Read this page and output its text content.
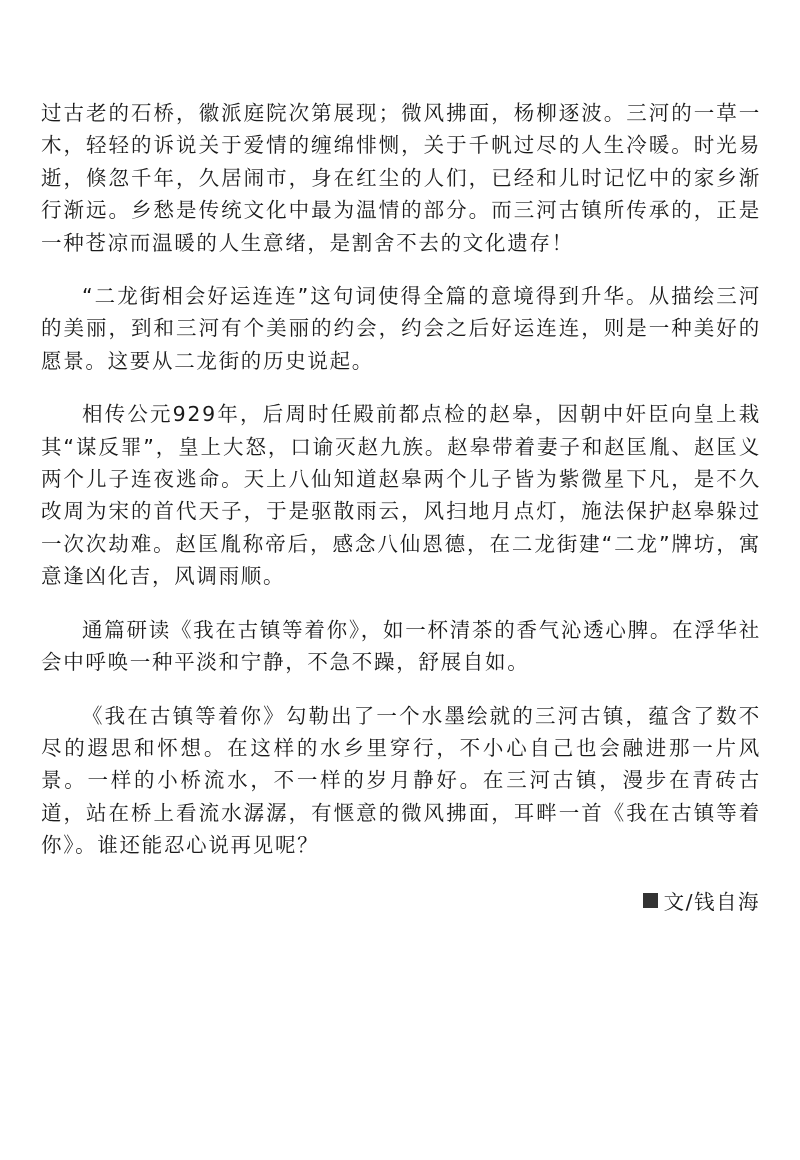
过古老的石桥，徽派庭院次第展现；微风拂面，杨柳逐波。三河的一草一木，轻轻的诉说关于爱情的缠绵悱恻，关于千帆过尽的人生冷暖。时光易逝，倏忽千年，久居闹市，身在红尘的人们，已经和儿时记忆中的家乡渐行渐远。乡愁是传统文化中最为温情的部分。而三河古镇所传承的，正是一种苍凉而温暖的人生意绪，是割舍不去的文化遗存！

“二龙街相会好运连连”这句词使得全篇的意境得到升华。从描绘三河的美丽，到和三河有个美丽的约会，约会之后好运连连，则是一种美好的愿景。这要从二龙街的历史说起。

相传公元929年，后周时任殿前都点检的赵皋，因朝中奸臣向皇上栽其“谋反罪”，皇上大怒，口谕灭赵九族。赵皋带着妻子和赵匡胤、赵匡义两个儿子连夜逃命。天上八仙知道赵皋两个儿子皆为紫微星下凡，是不久改周为宋的首代天子，于是驱散雨云，风扫地月点灯，施法保护赵皋躲过一次次劫难。赵匡胤称帝后，感念八仙恩德，在二龙街建“二龙”牌坊，寓意逢凶化吉，风调雨顺。

通篇研读《我在古镇等着你》，如一杯清茶的香气沁透心脾。在浮华社会中呼唤一种平淡和宁静，不急不躁，舒展自如。

《我在古镇等着你》勾勒出了一个水墨绘就的三河古镇，蕴含了数不尽的遐思和怀想。在这样的水乡里穿行，不小心自己也会融进那一片风景。一样的小桥流水，不一样的岁月静好。在三河古镇，漫步在青砖古道，站在桥上看流水潺潺，有惬意的微风拂面，耳畔一首《我在古镇等着你》。谁还能忍心说再见呢？

文/钱自海
